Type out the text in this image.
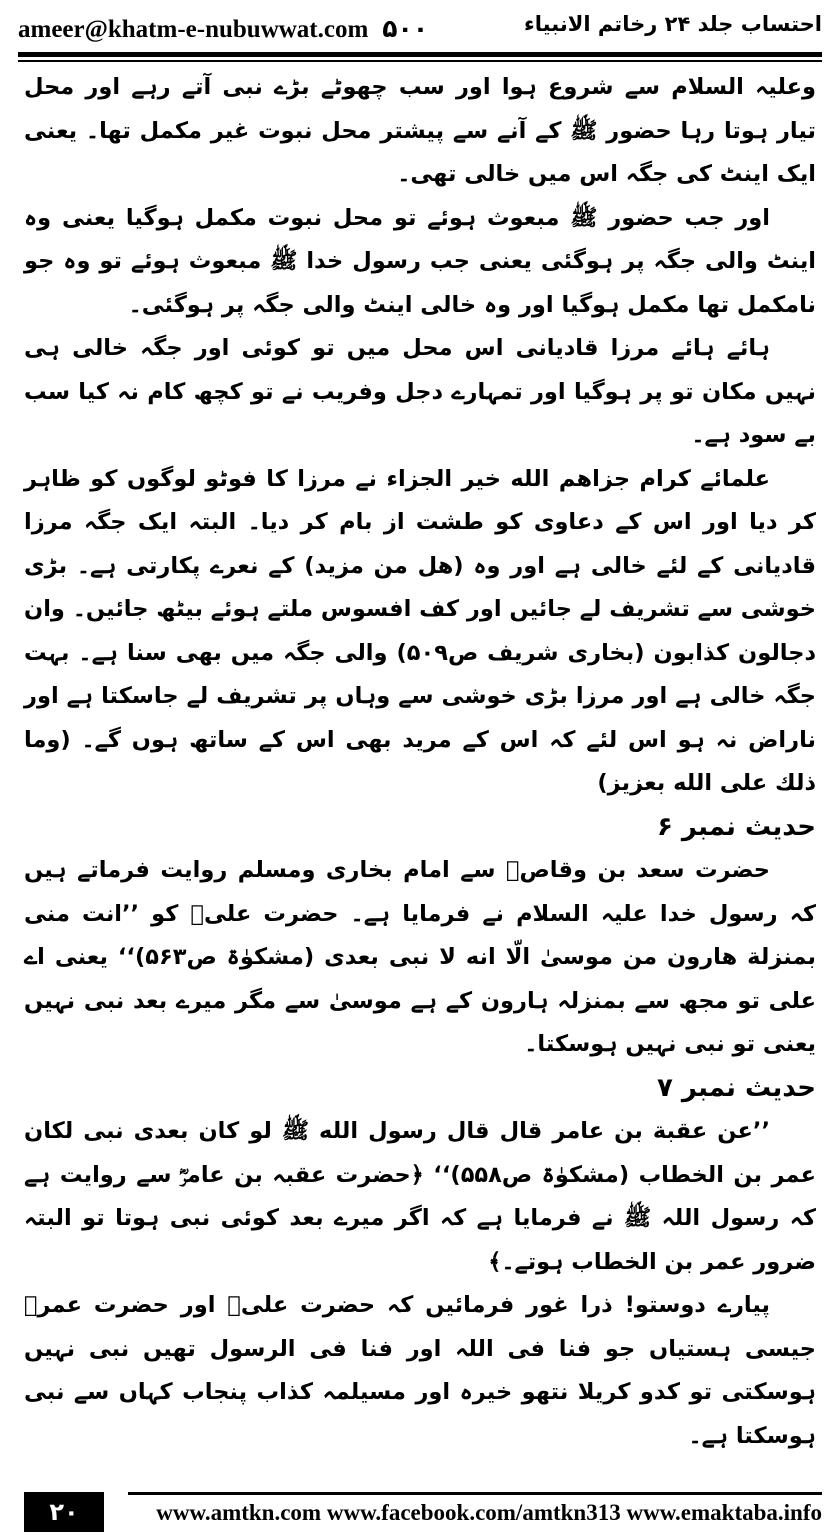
ameer@khatm-e-nubuwwat.com ۵۰۰	احتساب جلد ۲۴ رخاتم الانبیاء

وعلیہ السلام سے شروع ہوا اور سب چھوٹے بڑے نبی آتے رہے اور محل تیار ہوتا رہا حضور ﷺ کے آنے سے پیشتر محل نبوت غیر مکمل تھا۔ یعنی ایک اینٹ کی جگہ اس میں خالی تھی۔

اور جب حضور ﷺ مبعوث ہوئے تو محل نبوت مکمل ہوگیا یعنی وہ اینٹ والی جگہ پر ہوگئی یعنی جب رسول خدا ﷺ مبعوث ہوئے تو وہ جو نامکمل تھا مکمل ہوگیا اور وہ خالی اینٹ والی جگہ پر ہوگئی۔

ہائے ہائے مرزا قادیانی اس محل میں تو کوئی اور جگہ خالی ہی نہیں مکان تو پر ہوگیا اور تمہارے دجل وفریب نے تو کچھ کام نہ کیا سب بے سود ہے۔

علمائے کرام جزاهم الله خير الجزاء نے مرزا کا فوٹو لوگوں کو ظاہر کر دیا اور اس کے دعاوی کو طشت از بام کر دیا۔ البتہ ایک جگہ مرزا قادیانی کے لئے خالی ہے اور وہ (هل من مزيد) کے نعرے پکارتی ہے۔ بڑی خوشی سے تشریف لے جائیں اور کف افسوس ملتے ہوئے بیٹھ جائیں۔ وان دجالون كذابون (بخاری شریف ص۵۰۹) والی جگہ میں بھی سنا ہے۔ بہت جگہ خالی ہے اور مرزا بڑی خوشی سے وہاں پر تشریف لے جاسکتا ہے اور ناراض نہ ہو اس لئے کہ اس کے مرید بھی اس کے ساتھ ہوں گے۔ (وما ذلك على الله بعزيز)

حدیث نمبر ۶

حضرت سعد بن وقاصؓ سے امام بخاری ومسلم روایت فرماتے ہیں کہ رسول خدا علیہ السلام نے فرمایا ہے۔ حضرت علیؓ کو ’’انت منى بمنزلة هارون من موسىٰ الّا انه لا نبى بعدى (مشکوٰۃ ص۵۶۳)‘‘ یعنی اے علی تو مجھ سے بمنزلہ ہارون کے ہے موسیٰ سے مگر میرے بعد نبی نہیں یعنی تو نبی نہیں ہوسکتا۔

حدیث نمبر ۷

’’عن عقبة بن عامر قال قال رسول الله ﷺ لو كان بعدى نبى لكان عمر بن الخطاب (مشکوٰۃ ص۵۵۸)‘‘ ﴿حضرت عقبہ بن عامرؓ سے روایت ہے کہ رسول اللہ ﷺ نے فرمایا ہے کہ اگر میرے بعد کوئی نبی ہوتا تو البتہ ضرور عمر بن الخطاب ہوتے۔﴾

پیارے دوستو! ذرا غور فرمائیں کہ حضرت علیؓ اور حضرت عمرؓ جیسی ہستیاں جو فنا فی اللہ اور فنا فی الرسول تھیں نبی نہیں ہوسکتی تو کدو کریلا نتھو خیرہ اور مسیلمہ کذاب پنجاب کہاں سے نبی ہوسکتا ہے۔

۲۰	www.amtkn.com www.facebook.com/amtkn313 www.emaktaba.info
